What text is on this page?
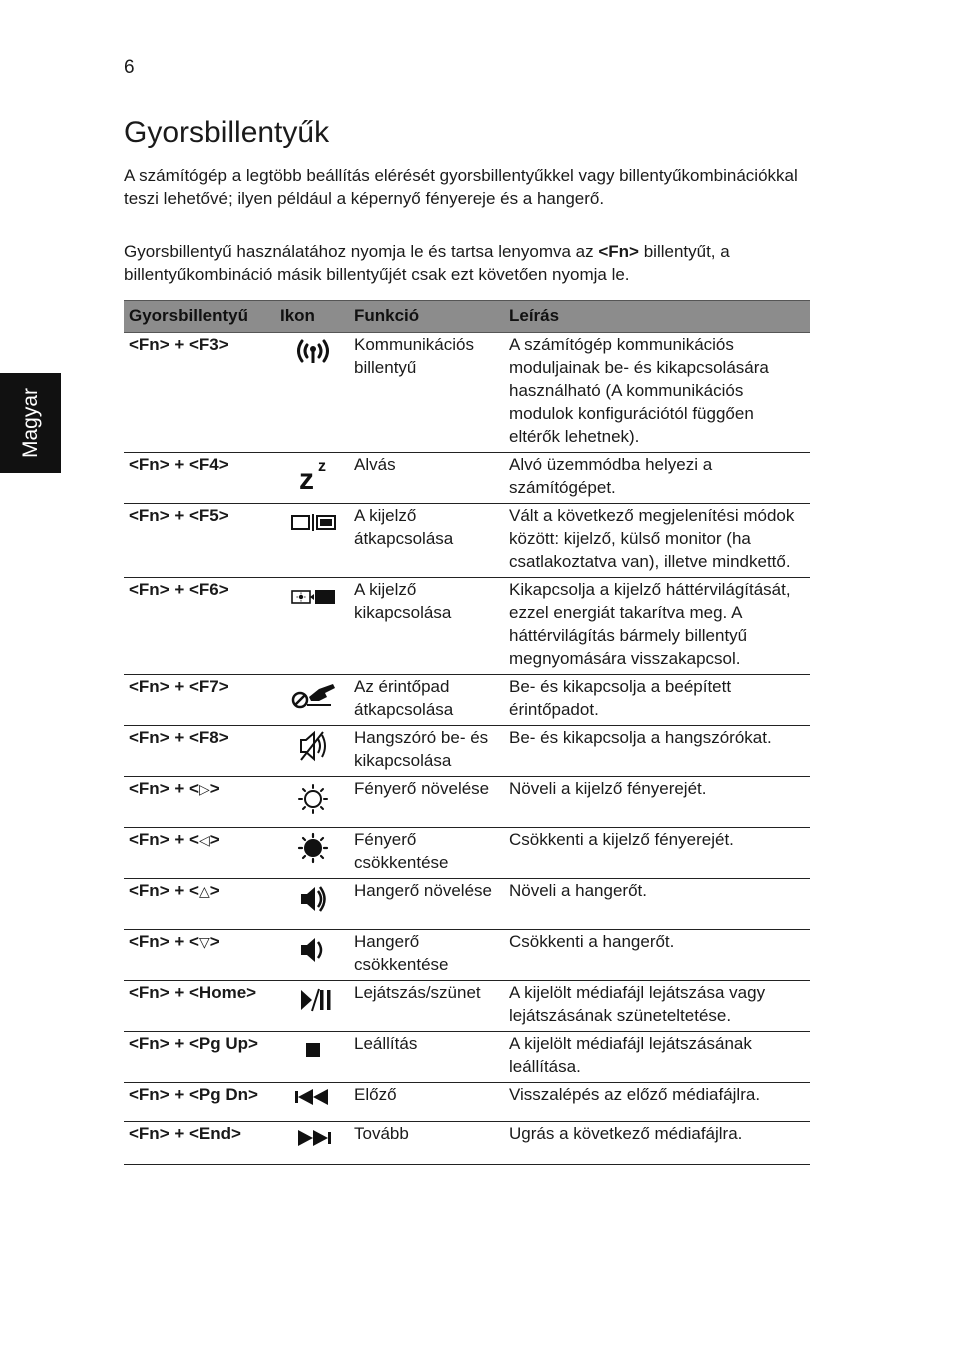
6
Magyar
Gyorsbillentyűk

A számítógép a legtöbb beállítás elérését gyorsbillentyűkkel vagy billentyűkombinációkkal teszi lehetővé; ilyen például a képernyő fényereje és a hangerő.

Gyorsbillentyű használatához nyomja le és tartsa lenyomva az <Fn> billentyűt, a billentyűkombináció másik billentyűjét csak ezt követően nyomja le.

Gyorsbillentyű	Ikon	Funkció	Leírás
<Fn> + <F3>		Kommunikációs billentyű	A számítógép kommunikációs moduljainak be- és kikapcsolására használható (A kommunikációs modulok konfigurációtól függően eltérők lehetnek).
<Fn> + <F4>	z z	Alvás	Alvó üzemmódba helyezi a számítógépet.
<Fn> + <F5>		A kijelző átkapcsolása	Vált a következő megjelenítési módok között: kijelző, külső monitor (ha csatlakoztatva van), illetve mindkettő.
<Fn> + <F6>		A kijelző kikapcsolása	Kikapcsolja a kijelző háttérvilágítását, ezzel energiát takarítva meg. A háttérvilágítás bármely billentyű megnyomására visszakapcsol.
<Fn> + <F7>		Az érintőpad átkapcsolása	Be- és kikapcsolja a beépített érintőpadot.
<Fn> + <F8>		Hangszóró be- és kikapcsolása	Be- és kikapcsolja a hangszórókat.
<Fn> + <▷>		Fényerő növelése	Növeli a kijelző fényerejét.
<Fn> + <◁>		Fényerő csökkentése	Csökkenti a kijelző fényerejét.
<Fn> + <△>		Hangerő növelése	Növeli a hangerőt.
<Fn> + <▽>		Hangerő csökkentése	Csökkenti a hangerőt.
<Fn> + <Home>		Lejátszás/szünet	A kijelölt médiafájl lejátszása vagy lejátszásának szüneteltetése.
<Fn> + <Pg Up>		Leállítás	A kijelölt médiafájl lejátszásának leállítása.
<Fn> + <Pg Dn>		Előző	Visszalépés az előző médiafájlra.
<Fn> + <End>		Tovább	Ugrás a következő médiafájlra.
